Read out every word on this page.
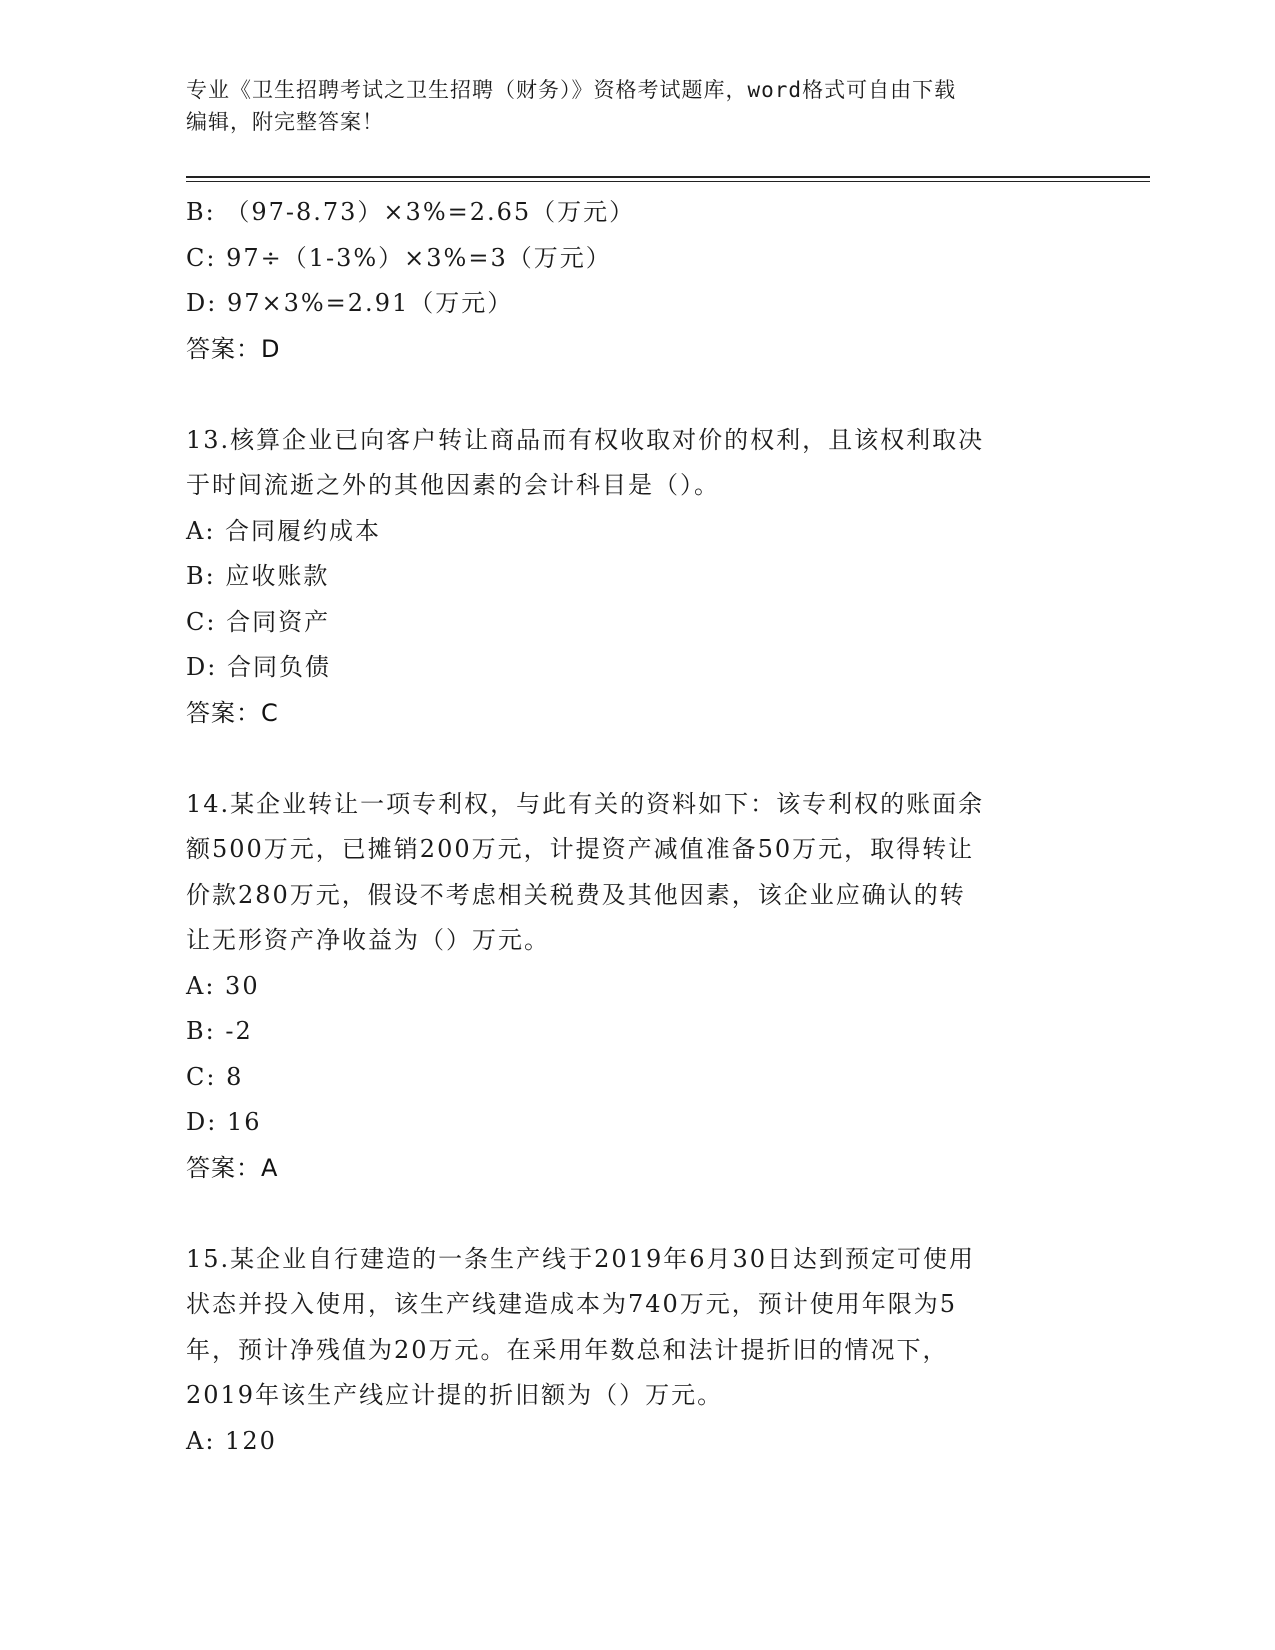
专业《卫生招聘考试之卫生招聘（财务）》资格考试题库，word格式可自由下载
编辑，附完整答案！
B: （97-8.73）×3%=2.65（万元）
C: 97÷（1-3%）×3%=3（万元）
D: 97×3%=2.91（万元）
答案：D
13.核算企业已向客户转让商品而有权收取对价的权利，且该权利取决
于时间流逝之外的其他因素的会计科目是（）。
A: 合同履约成本
B: 应收账款
C: 合同资产
D: 合同负债
答案：C
14.某企业转让一项专利权，与此有关的资料如下：该专利权的账面余
额500万元，已摊销200万元，计提资产减值准备50万元，取得转让
价款280万元，假设不考虑相关税费及其他因素，该企业应确认的转
让无形资产净收益为（）万元。
A: 30
B: -2
C: 8
D: 16
答案：A
15.某企业自行建造的一条生产线于2019年6月30日达到预定可使用
状态并投入使用，该生产线建造成本为740万元，预计使用年限为5
年，预计净残值为20万元。在采用年数总和法计提折旧的情况下，
2019年该生产线应计提的折旧额为（）万元。
A: 120
